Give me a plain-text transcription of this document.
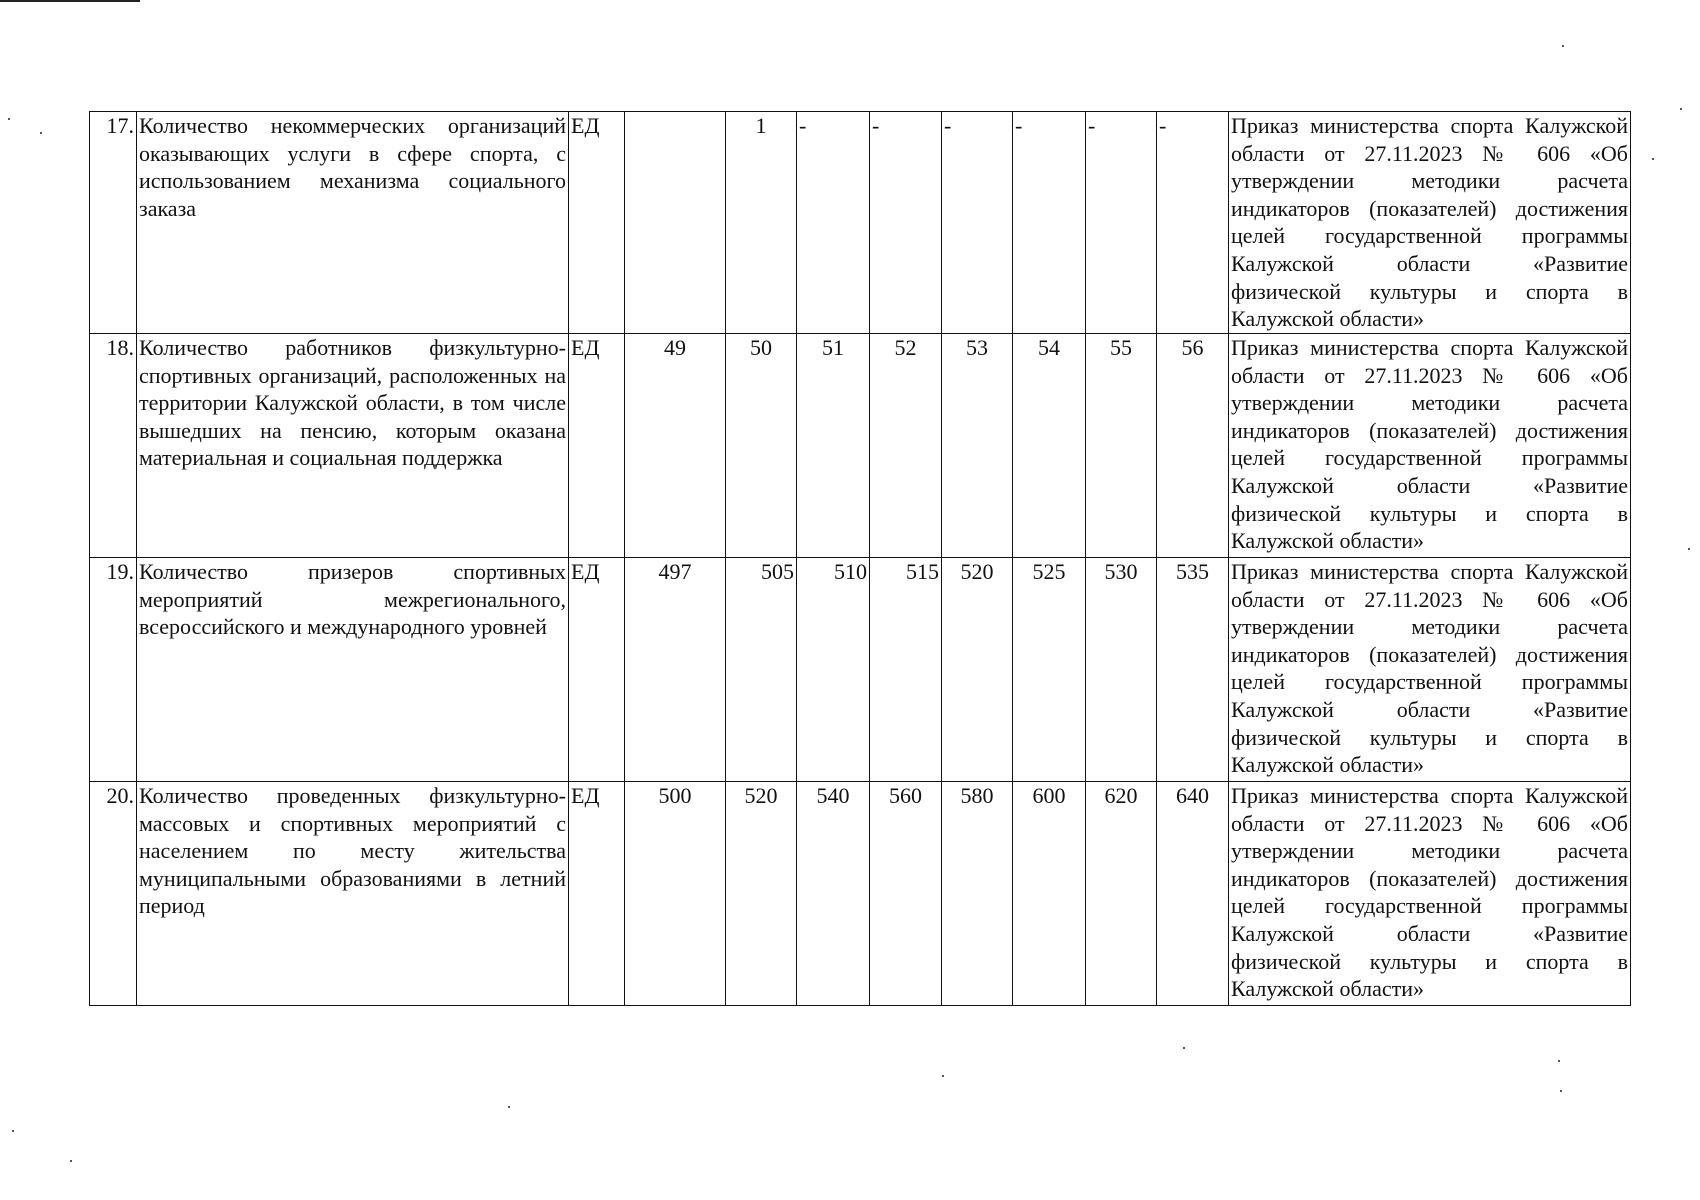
17.	Количество некоммерческих организаций оказывающих услуги в сфере спорта, с использованием механизма социального заказа	ЕД		1	-	-	-	-	-	-	Приказ министерства спорта Калужской области от 27.11.2023 № 606 «Об утверждении методики расчета индикаторов (показателей) достижения целей государственной программы Калужской области «Развитие физической культуры и спорта в Калужской области»
18.	Количество работников физкультурно-спортивных организаций, расположенных на территории Калужской области, в том числе вышедших на пенсию, которым оказана материальная и социальная поддержка	ЕД	49	50	51	52	53	54	55	56	Приказ министерства спорта Калужской области от 27.11.2023 № 606 «Об утверждении методики расчета индикаторов (показателей) достижения целей государственной программы Калужской области «Развитие физической культуры и спорта в Калужской области»
19.	Количество призеров спортивных мероприятий межрегионального, всероссийского и международного уровней	ЕД	497	505	510	515	520	525	530	535	Приказ министерства спорта Калужской области от 27.11.2023 № 606 «Об утверждении методики расчета индикаторов (показателей) достижения целей государственной программы Калужской области «Развитие физической культуры и спорта в Калужской области»
20.	Количество проведенных физкультурно-массовых и спортивных мероприятий с населением по месту жительства муниципальными образованиями в летний период	ЕД	500	520	540	560	580	600	620	640	Приказ министерства спорта Калужской области от 27.11.2023 № 606 «Об утверждении методики расчета индикаторов (показателей) достижения целей государственной программы Калужской области «Развитие физической культуры и спорта в Калужской области»
